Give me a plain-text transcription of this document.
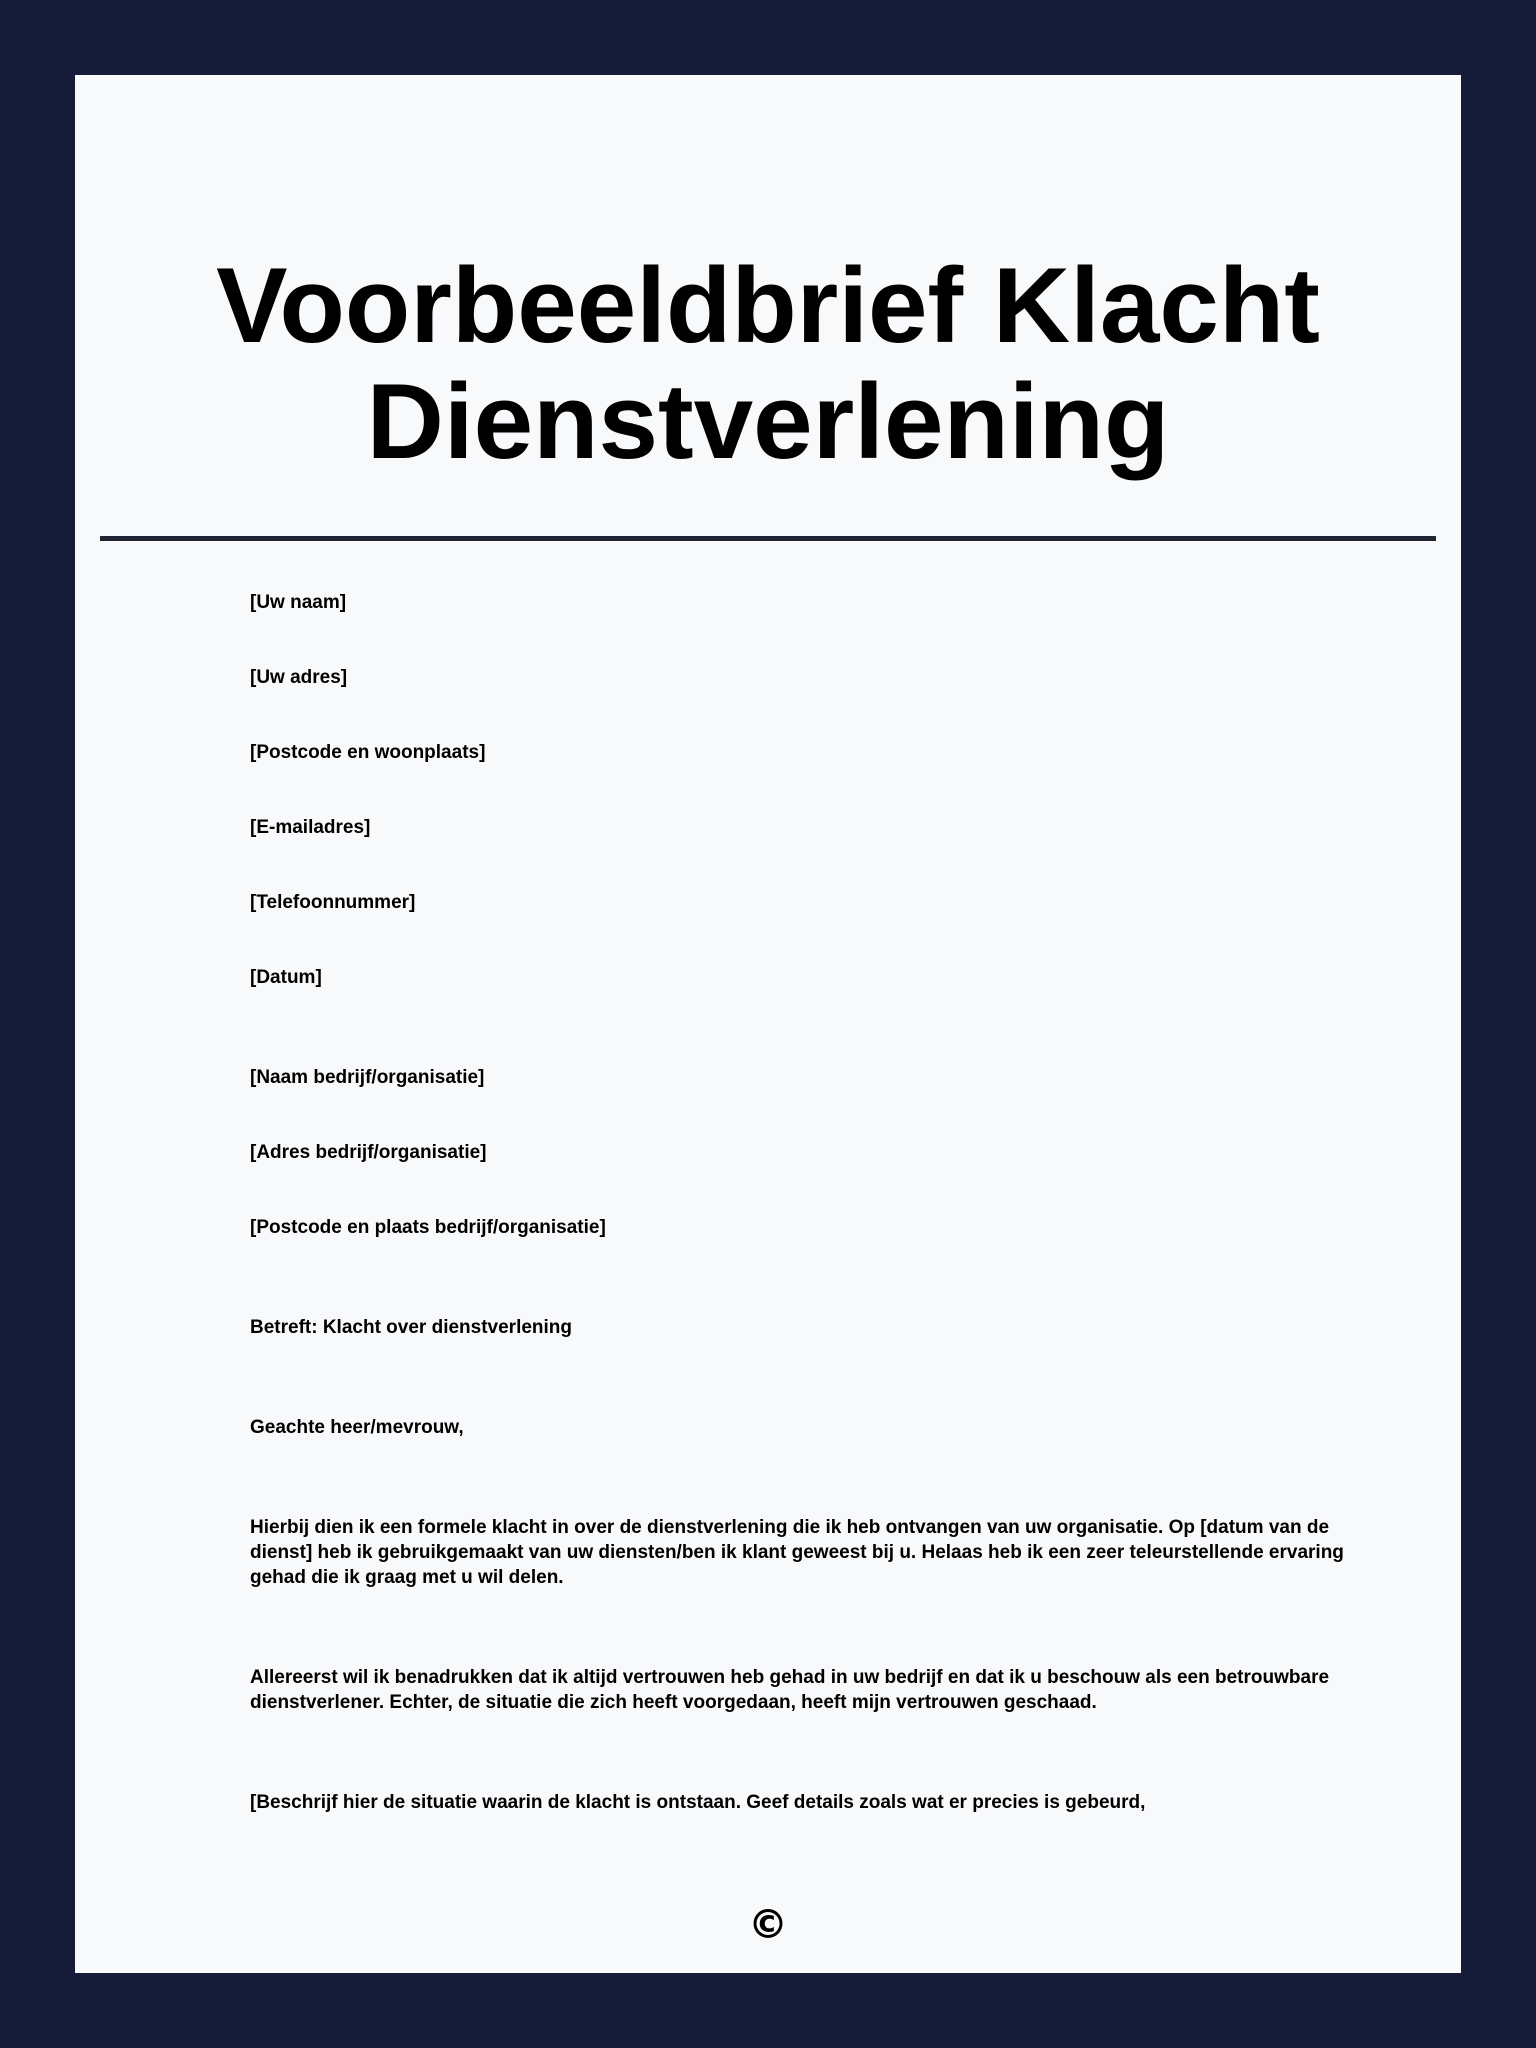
Voorbeeldbrief Klacht
Dienstverlening

[Uw naam]

[Uw adres]

[Postcode en woonplaats]

[E-mailadres]

[Telefoonnummer]

[Datum]

[Naam bedrijf/organisatie]

[Adres bedrijf/organisatie]

[Postcode en plaats bedrijf/organisatie]

Betreft: Klacht over dienstverlening

Geachte heer/mevrouw,

Hierbij dien ik een formele klacht in over de dienstverlening die ik heb ontvangen van uw organisatie. Op [datum van de dienst] heb ik gebruikgemaakt van uw diensten/ben ik klant geweest bij u. Helaas heb ik een zeer teleurstellende ervaring gehad die ik graag met u wil delen.

Allereerst wil ik benadrukken dat ik altijd vertrouwen heb gehad in uw bedrijf en dat ik u beschouw als een betrouwbare dienstverlener. Echter, de situatie die zich heeft voorgedaan, heeft mijn vertrouwen geschaad.

[Beschrijf hier de situatie waarin de klacht is ontstaan. Geef details zoals wat er precies is gebeurd,

©
